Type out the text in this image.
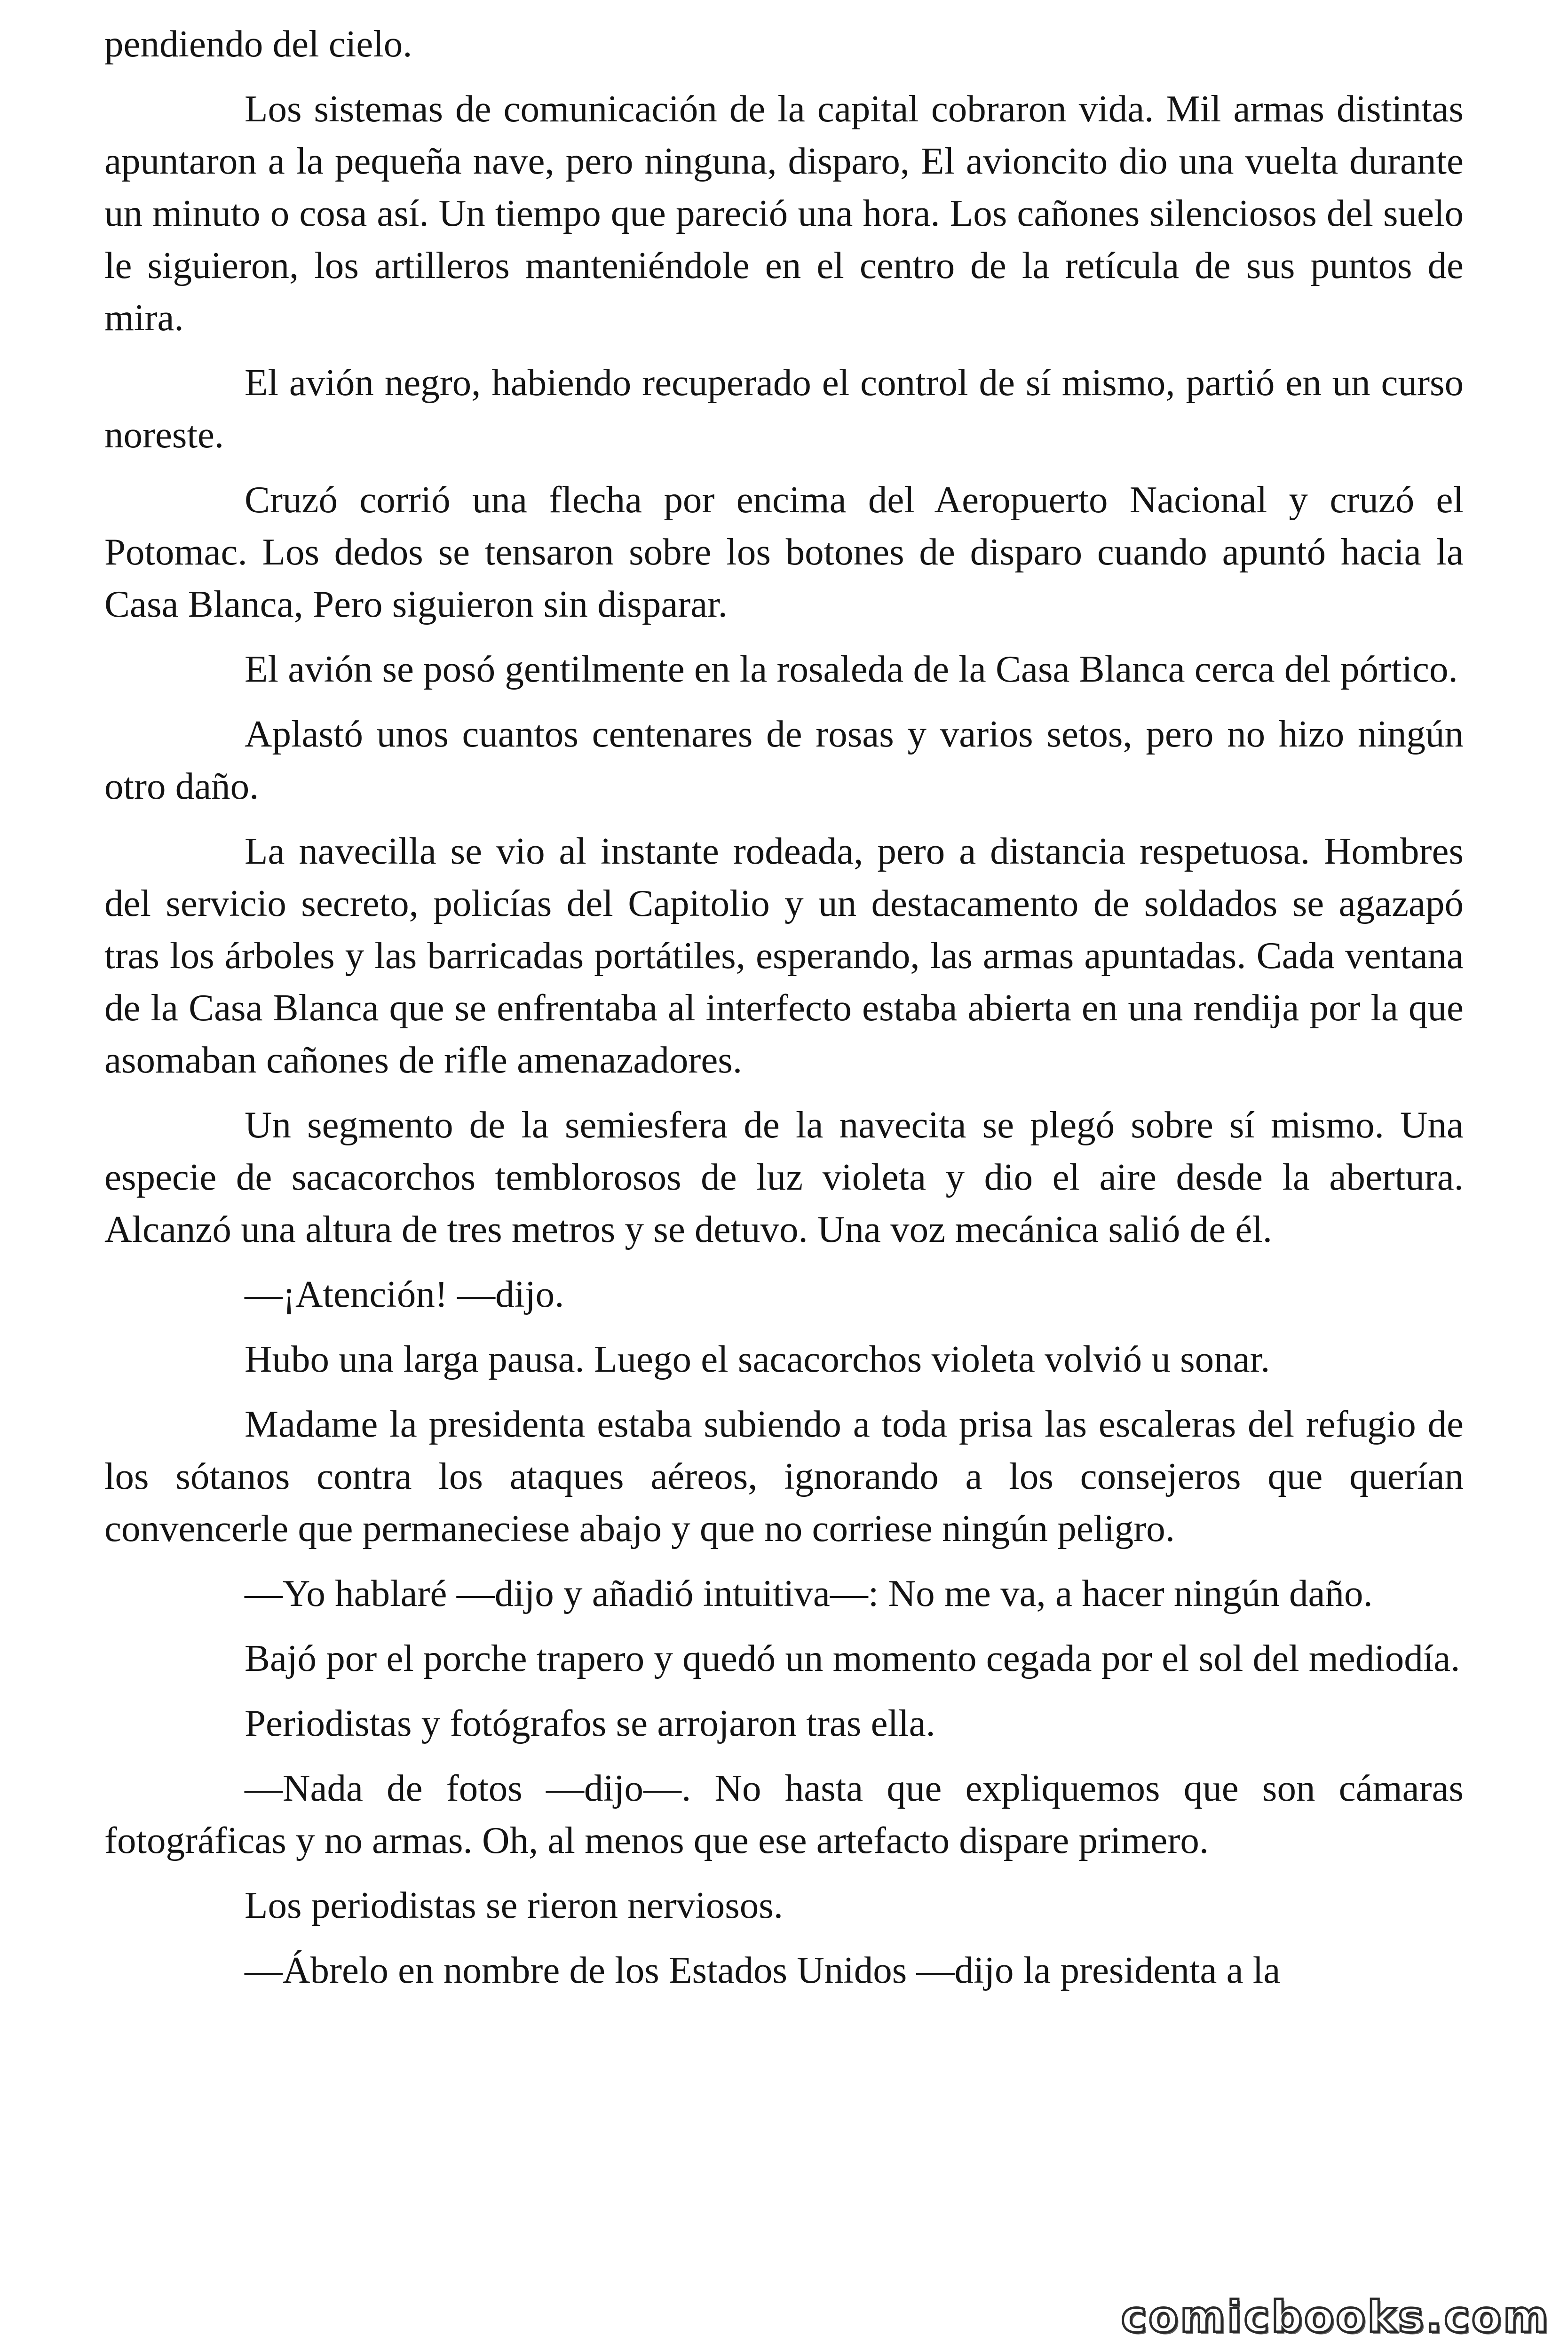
pendiendo del cielo.

Los sistemas de comunicación de la capital cobraron vida. Mil armas distintas apuntaron a la pequeña nave, pero ninguna, disparo, El avioncito dio una vuelta durante un minuto o cosa así. Un tiempo que pareció una hora. Los cañones silenciosos del suelo le siguieron, los artilleros manteniéndole en el centro de la retícula de sus puntos de mira.

El avión negro, habiendo recuperado el control de sí mismo, partió en un curso noreste.

Cruzó corrió una flecha por encima del Aeropuerto Nacional y cruzó el Potomac. Los dedos se tensaron sobre los botones de disparo cuando apuntó hacia la Casa Blanca, Pero siguieron sin disparar.

El avión se posó gentilmente en la rosaleda de la Casa Blanca cerca del pórtico.

Aplastó unos cuantos centenares de rosas y varios setos, pero no hizo ningún otro daño.

La navecilla se vio al instante rodeada, pero a distancia respetuosa. Hombres del servicio secreto, policías del Capitolio y un destacamento de soldados se agazapó tras los árboles y las barricadas portátiles, esperando, las armas apuntadas. Cada ventana de la Casa Blanca que se enfrentaba al interfecto estaba abierta en una rendija por la que asomaban cañones de rifle amenazadores.

Un segmento de la semiesfera de la navecita se plegó sobre sí mismo. Una especie de sacacorchos temblorosos de luz violeta y dio el aire desde la abertura. Alcanzó una altura de tres metros y se detuvo. Una voz mecánica salió de él.

—¡Atención! —dijo.

Hubo una larga pausa. Luego el sacacorchos violeta volvió u sonar.

Madame la presidenta estaba subiendo a toda prisa las escaleras del refugio de los sótanos contra los ataques aéreos, ignorando a los consejeros que querían convencerle que permaneciese abajo y que no corriese ningún peligro.

—Yo hablaré —dijo y añadió intuitiva—: No me va, a hacer ningún daño.

Bajó por el porche trapero y quedó un momento cegada por el sol del mediodía.

Periodistas y fotógrafos se arrojaron tras ella.

—Nada de fotos —dijo—. No hasta que expliquemos que son cámaras fotográficas y no armas. Oh, al menos que ese artefacto dispare primero.

Los periodistas se rieron nerviosos.

—Ábrelo en nombre de los Estados Unidos —dijo la presidenta a la

comicbooks.com
